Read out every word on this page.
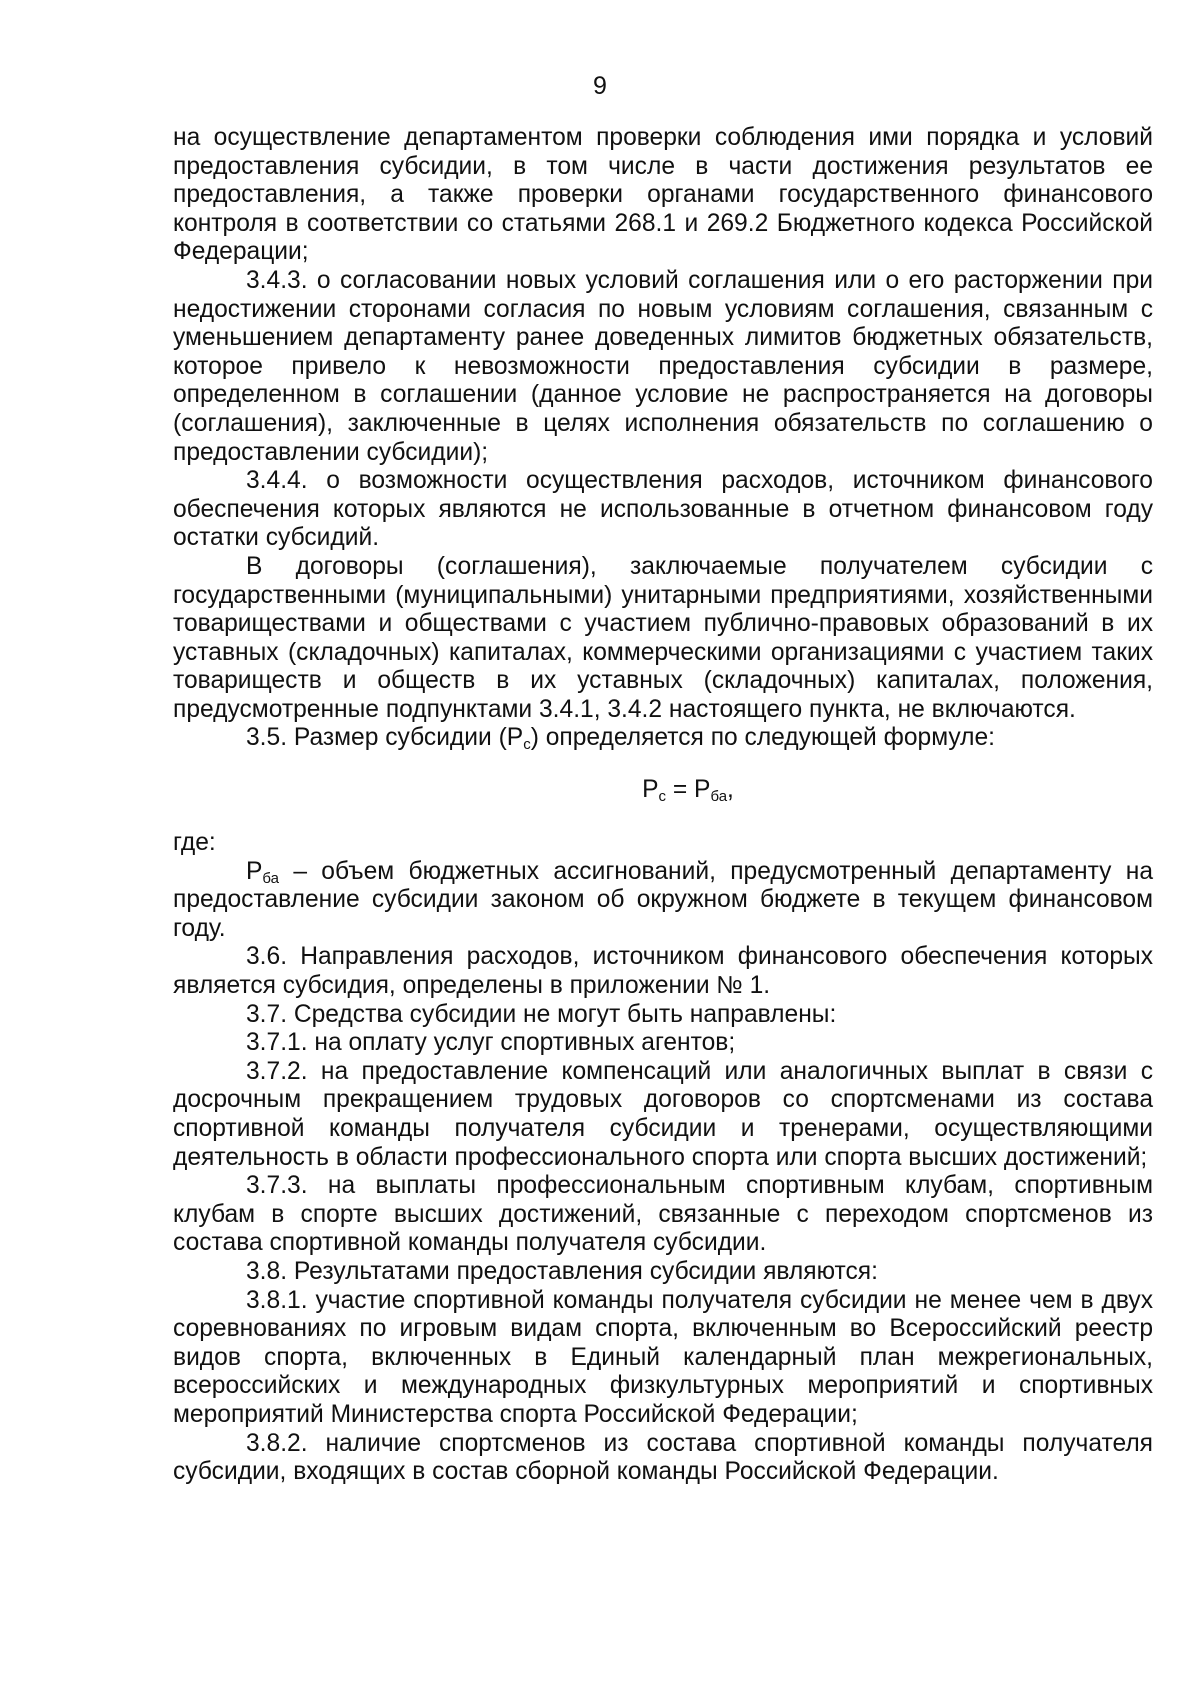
9

на осуществление департаментом проверки соблюдения ими порядка и условий предоставления субсидии, в том числе в части достижения результатов ее предоставления, а также проверки органами государственного финансового контроля в соответствии со статьями 268.1 и 269.2 Бюджетного кодекса Российской Федерации;

3.4.3. о согласовании новых условий соглашения или о его расторжении при недостижении сторонами согласия по новым условиям соглашения, связанным с уменьшением департаменту ранее доведенных лимитов бюджетных обязательств, которое привело к невозможности предоставления субсидии в размере, определенном в соглашении (данное условие не распространяется на договоры (соглашения), заключенные в целях исполнения обязательств по соглашению о предоставлении субсидии);

3.4.4. о возможности осуществления расходов, источником финансового обеспечения которых являются не использованные в отчетном финансовом году остатки субсидий.

В договоры (соглашения), заключаемые получателем субсидии с государственными (муниципальными) унитарными предприятиями, хозяйственными товариществами и обществами с участием публично-правовых образований в их уставных (складочных) капиталах, коммерческими организациями с участием таких товариществ и обществ в их уставных (складочных) капиталах, положения, предусмотренные подпунктами 3.4.1, 3.4.2 настоящего пункта, не включаются.

3.5. Размер субсидии (Рс) определяется по следующей формуле:

$Р_с = Р_{ба}$,

где:

Рба – объем бюджетных ассигнований, предусмотренный департаменту на предоставление субсидии законом об окружном бюджете в текущем финансовом году.

3.6. Направления расходов, источником финансового обеспечения которых является субсидия, определены в приложении № 1.

3.7. Средства субсидии не могут быть направлены:

3.7.1. на оплату услуг спортивных агентов;

3.7.2. на предоставление компенсаций или аналогичных выплат в связи с досрочным прекращением трудовых договоров со спортсменами из состава спортивной команды получателя субсидии и тренерами, осуществляющими деятельность в области профессионального спорта или спорта высших достижений;

3.7.3. на выплаты профессиональным спортивным клубам, спортивным клубам в спорте высших достижений, связанные с переходом спортсменов из состава спортивной команды получателя субсидии.

3.8. Результатами предоставления субсидии являются:

3.8.1. участие спортивной команды получателя субсидии не менее чем в двух соревнованиях по игровым видам спорта, включенным во Всероссийский реестр видов спорта, включенных в Единый календарный план межрегиональных, всероссийских и международных физкультурных мероприятий и спортивных мероприятий Министерства спорта Российской Федерации;

3.8.2. наличие спортсменов из состава спортивной команды получателя субсидии, входящих в состав сборной команды Российской Федерации.
